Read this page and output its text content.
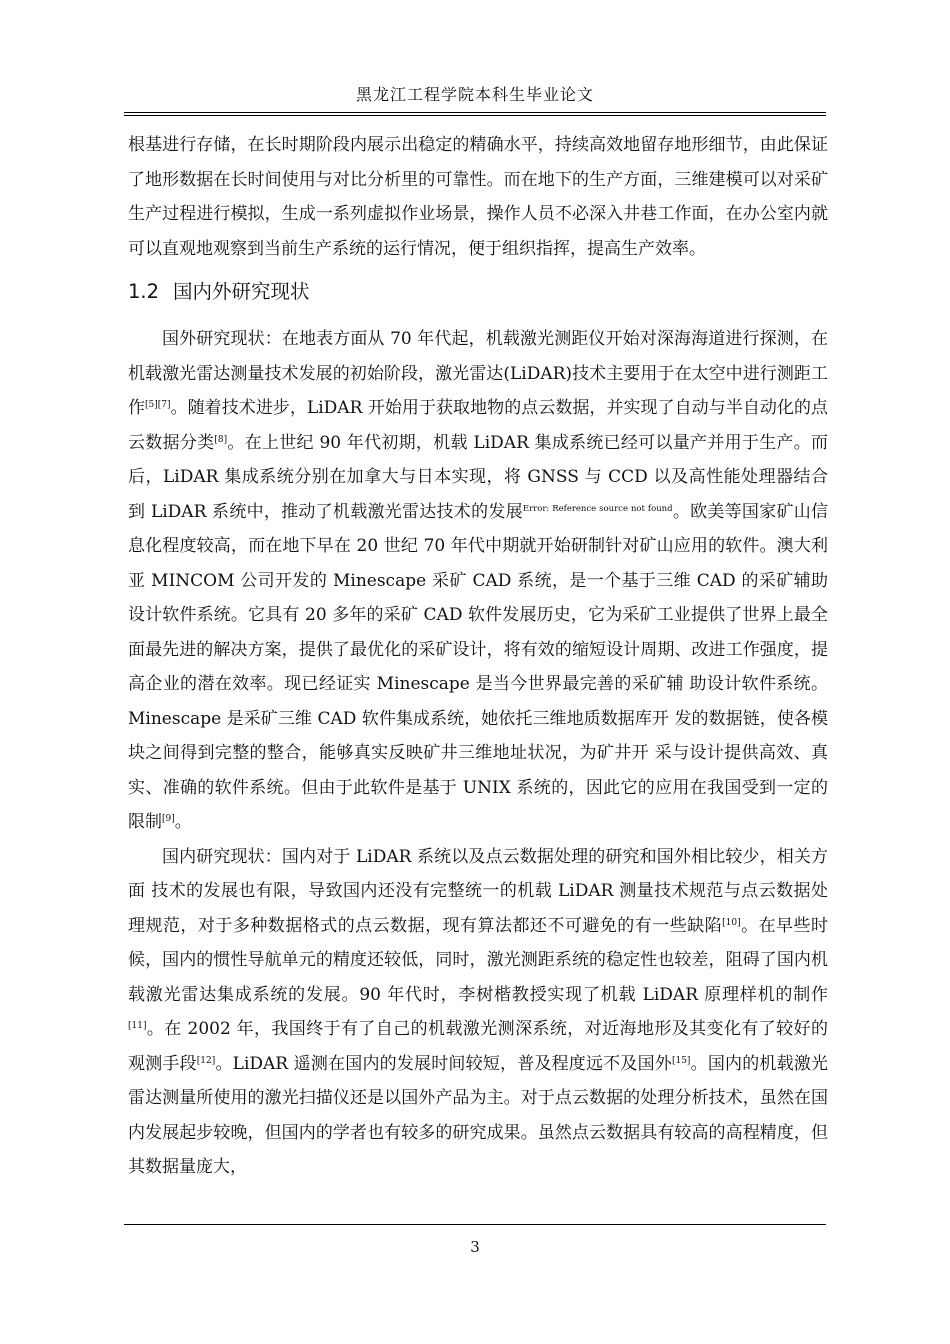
黑龙江工程学院本科生毕业论文

根基进行存储，在长时期阶段内展示出稳定的精确水平，持续高效地留存地形细节，由此保证了地形数据在长时间使用与对比分析里的可靠性。而在地下的生产方面，三维建模可以对采矿生产过程进行模拟，生成一系列虚拟作业场景，操作人员不必深入井巷工作面，在办公室内就可以直观地观察到当前生产系统的运行情况，便于组织指挥，提高生产效率。

1.2 国内外研究现状

国外研究现状：在地表方面从 70 年代起，机载激光测距仪开始对深海海道进行探测，在机载激光雷达测量技术发展的初始阶段，激光雷达(LiDAR)技术主要用于在太空中进行测距工作[5][7]。随着技术进步，LiDAR 开始用于获取地物的点云数据，并实现了自动与半自动化的点云数据分类[8]。在上世纪 90 年代初期，机载 LiDAR 集成系统已经可以量产并用于生产。而后，LiDAR 集成系统分别在加拿大与日本实现，将 GNSS 与 CCD 以及高性能处理器结合到 LiDAR 系统中，推动了机载激光雷达技术的发展$^{Error: Reference source not found}$。欧美等国家矿山信息化程度较高，而在地下早在 20 世纪 70 年代中期就开始研制针对矿山应用的软件。澳大利亚 MINCOM 公司开发的 Minescape 采矿 CAD 系统，是一个基于三维 CAD 的采矿辅助设计软件系统。它具有 20 多年的采矿 CAD 软件发展历史，它为采矿工业提供了世界上最全面最先进的解决方案，提供了最优化的采矿设计，将有效的缩短设计周期、改进工作强度，提高企业的潜在效率。现已经证实 Minescape 是当今世界最完善的采矿辅 助设计软件系统。Minescape 是采矿三维 CAD 软件集成系统，她依托三维地质数据库开 发的数据链，使各模块之间得到完整的整合，能够真实反映矿井三维地址状况，为矿井开 采与设计提供高效、真实、准确的软件系统。但由于此软件是基于 UNIX 系统的，因此它的应用在我国受到一定的限制[9]。

国内研究现状：国内对于 LiDAR 系统以及点云数据处理的研究和国外相比较少，相关方面 技术的发展也有限，导致国内还没有完整统一的机载 LiDAR 测量技术规范与点云数据处理规范，对于多种数据格式的点云数据，现有算法都还不可避免的有一些缺陷[10]。在早些时候，国内的惯性导航单元的精度还较低，同时，激光测距系统的稳定性也较差，阻碍了国内机载激光雷达集成系统的发展。90 年代时，李树楷教授实现了机载 LiDAR 原理样机的制作[11]。在 2002 年，我国终于有了自己的机载激光测深系统，对近海地形及其变化有了较好的观测手段[12]。LiDAR 遥测在国内的发展时间较短，普及程度远不及国外[15]。国内的机载激光雷达测量所使用的激光扫描仪还是以国外产品为主。对于点云数据的处理分析技术，虽然在国内发展起步较晚，但国内的学者也有较多的研究成果。虽然点云数据具有较高的高程精度，但其数据量庞大，

3
